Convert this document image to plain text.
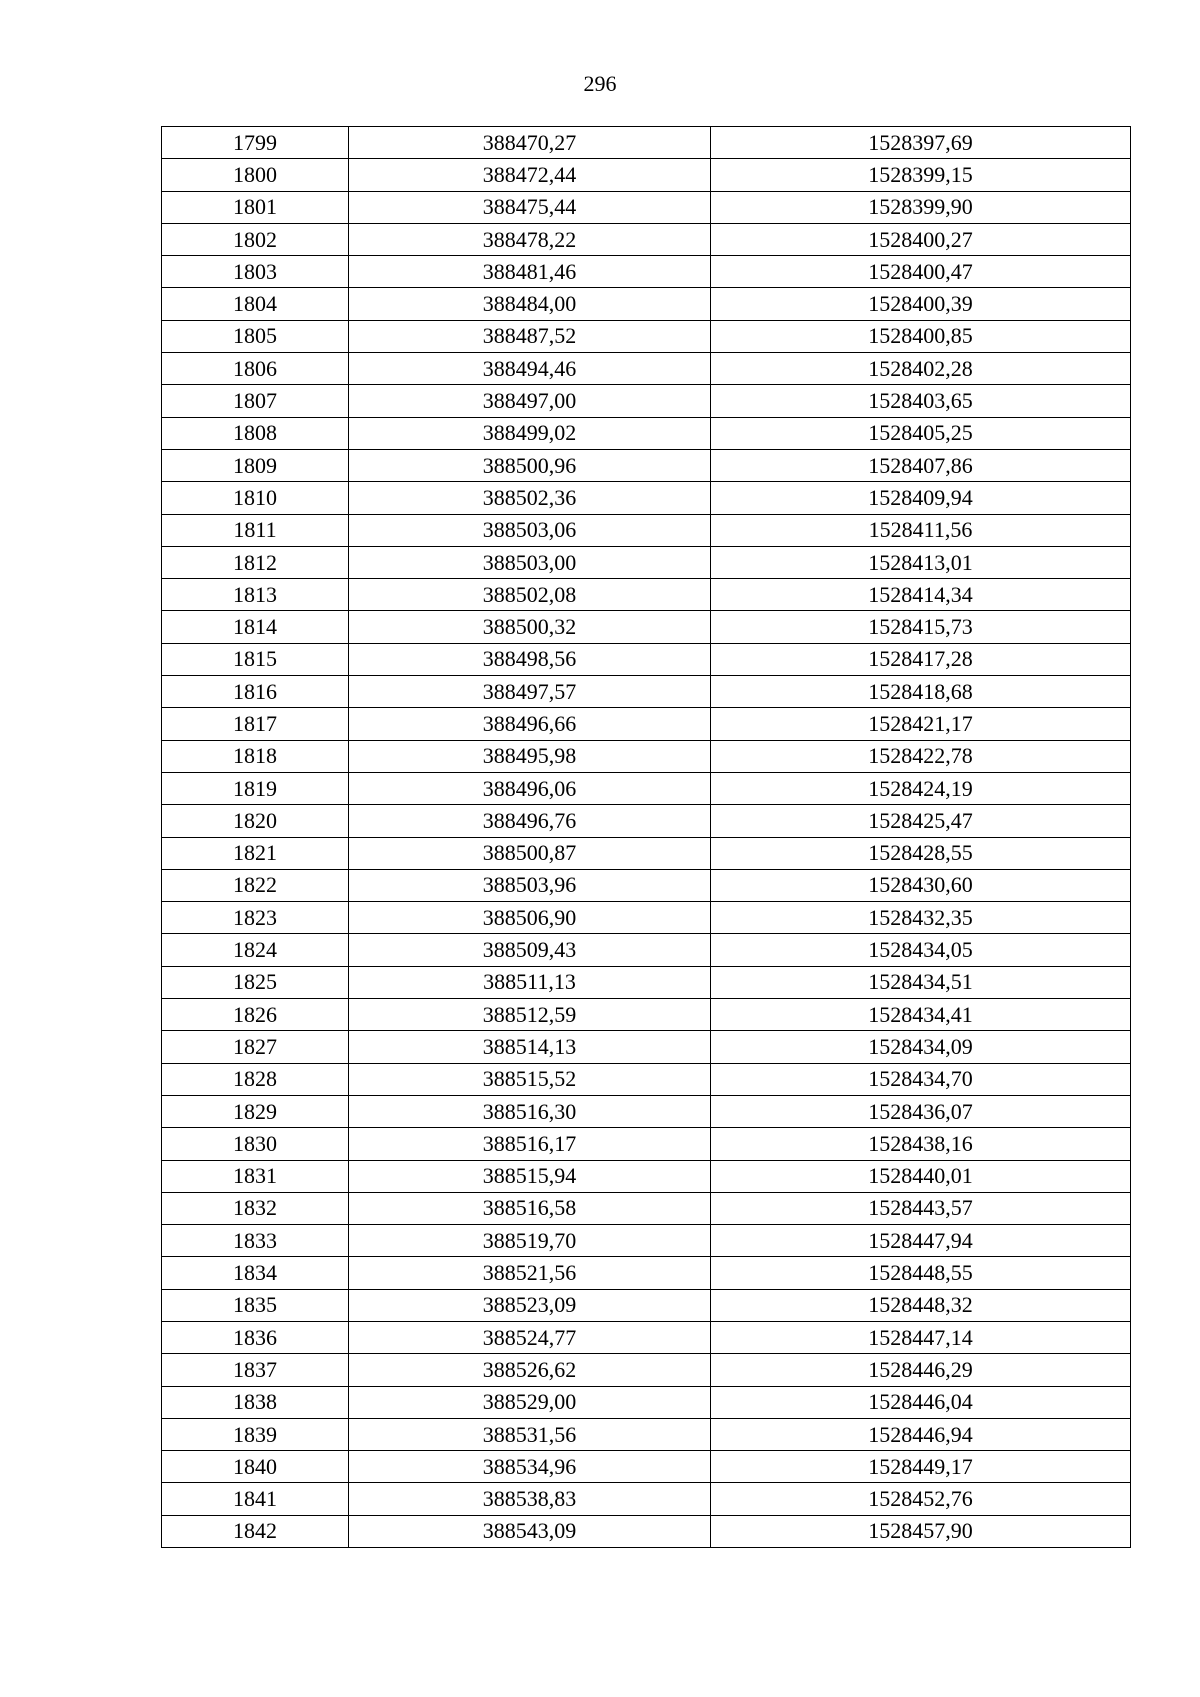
296
1799	388470,27	1528397,69
1800	388472,44	1528399,15
1801	388475,44	1528399,90
1802	388478,22	1528400,27
1803	388481,46	1528400,47
1804	388484,00	1528400,39
1805	388487,52	1528400,85
1806	388494,46	1528402,28
1807	388497,00	1528403,65
1808	388499,02	1528405,25
1809	388500,96	1528407,86
1810	388502,36	1528409,94
1811	388503,06	1528411,56
1812	388503,00	1528413,01
1813	388502,08	1528414,34
1814	388500,32	1528415,73
1815	388498,56	1528417,28
1816	388497,57	1528418,68
1817	388496,66	1528421,17
1818	388495,98	1528422,78
1819	388496,06	1528424,19
1820	388496,76	1528425,47
1821	388500,87	1528428,55
1822	388503,96	1528430,60
1823	388506,90	1528432,35
1824	388509,43	1528434,05
1825	388511,13	1528434,51
1826	388512,59	1528434,41
1827	388514,13	1528434,09
1828	388515,52	1528434,70
1829	388516,30	1528436,07
1830	388516,17	1528438,16
1831	388515,94	1528440,01
1832	388516,58	1528443,57
1833	388519,70	1528447,94
1834	388521,56	1528448,55
1835	388523,09	1528448,32
1836	388524,77	1528447,14
1837	388526,62	1528446,29
1838	388529,00	1528446,04
1839	388531,56	1528446,94
1840	388534,96	1528449,17
1841	388538,83	1528452,76
1842	388543,09	1528457,90
